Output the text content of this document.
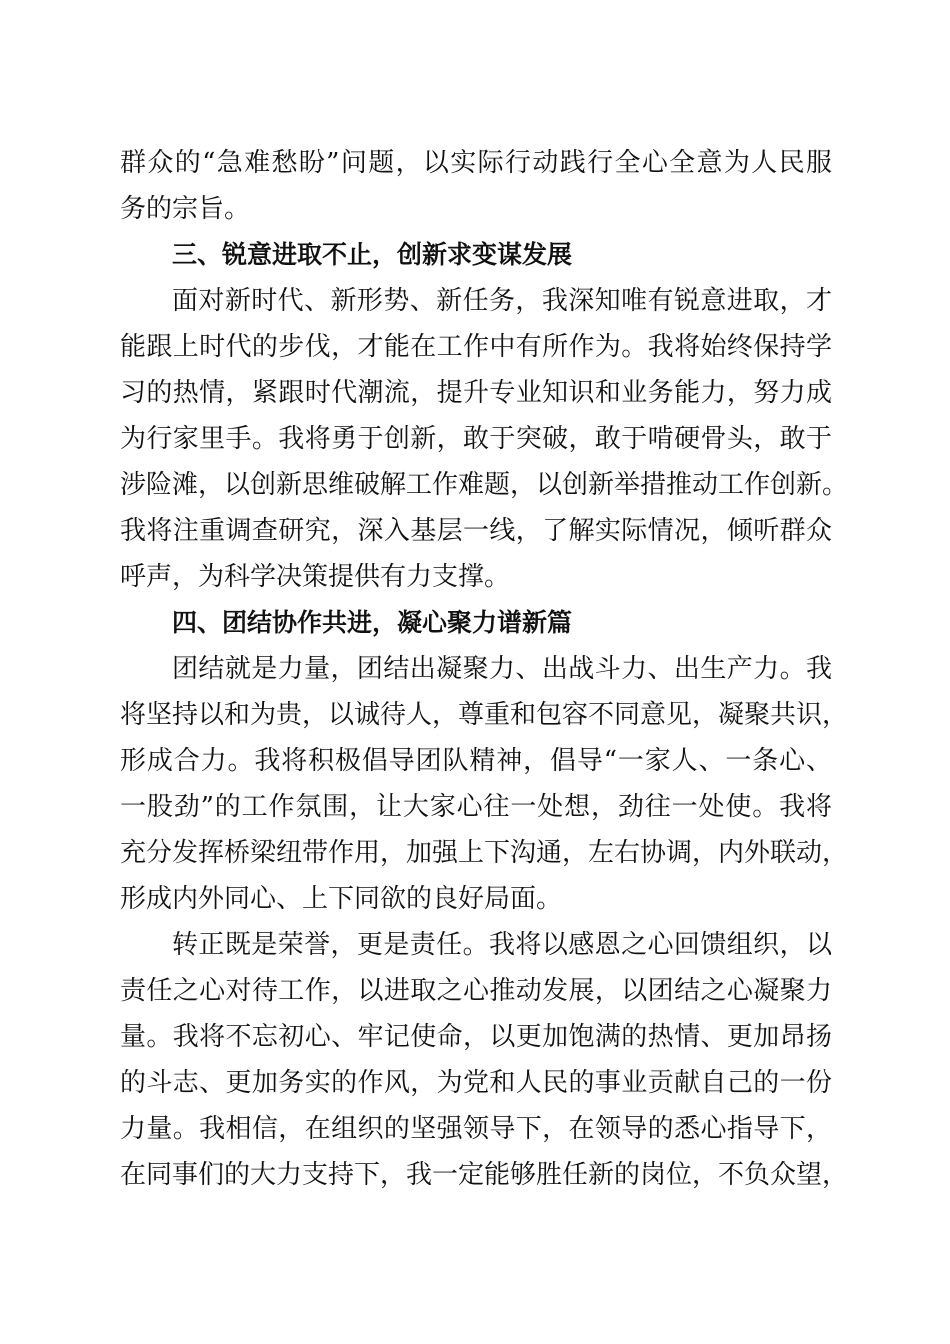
群众的“急难愁盼”问题，以实际行动践行全心全意为人民服
务的宗旨。
三、锐意进取不止，创新求变谋发展
面对新时代、新形势、新任务，我深知唯有锐意进取，才
能跟上时代的步伐，才能在工作中有所作为。我将始终保持学
习的热情，紧跟时代潮流，提升专业知识和业务能力，努力成
为行家里手。我将勇于创新，敢于突破，敢于啃硬骨头，敢于
涉险滩，以创新思维破解工作难题，以创新举措推动工作创新。
我将注重调查研究，深入基层一线，了解实际情况，倾听群众
呼声，为科学决策提供有力支撑。
四、团结协作共进，凝心聚力谱新篇
团结就是力量，团结出凝聚力、出战斗力、出生产力。我
将坚持以和为贵，以诚待人，尊重和包容不同意见，凝聚共识，
形成合力。我将积极倡导团队精神，倡导“一家人、一条心、
一股劲”的工作氛围，让大家心往一处想，劲往一处使。我将
充分发挥桥梁纽带作用，加强上下沟通，左右协调，内外联动，
形成内外同心、上下同欲的良好局面。
转正既是荣誉，更是责任。我将以感恩之心回馈组织，以
责任之心对待工作，以进取之心推动发展，以团结之心凝聚力
量。我将不忘初心、牢记使命，以更加饱满的热情、更加昂扬
的斗志、更加务实的作风，为党和人民的事业贡献自己的一份
力量。我相信，在组织的坚强领导下，在领导的悉心指导下，
在同事们的大力支持下，我一定能够胜任新的岗位，不负众望，
